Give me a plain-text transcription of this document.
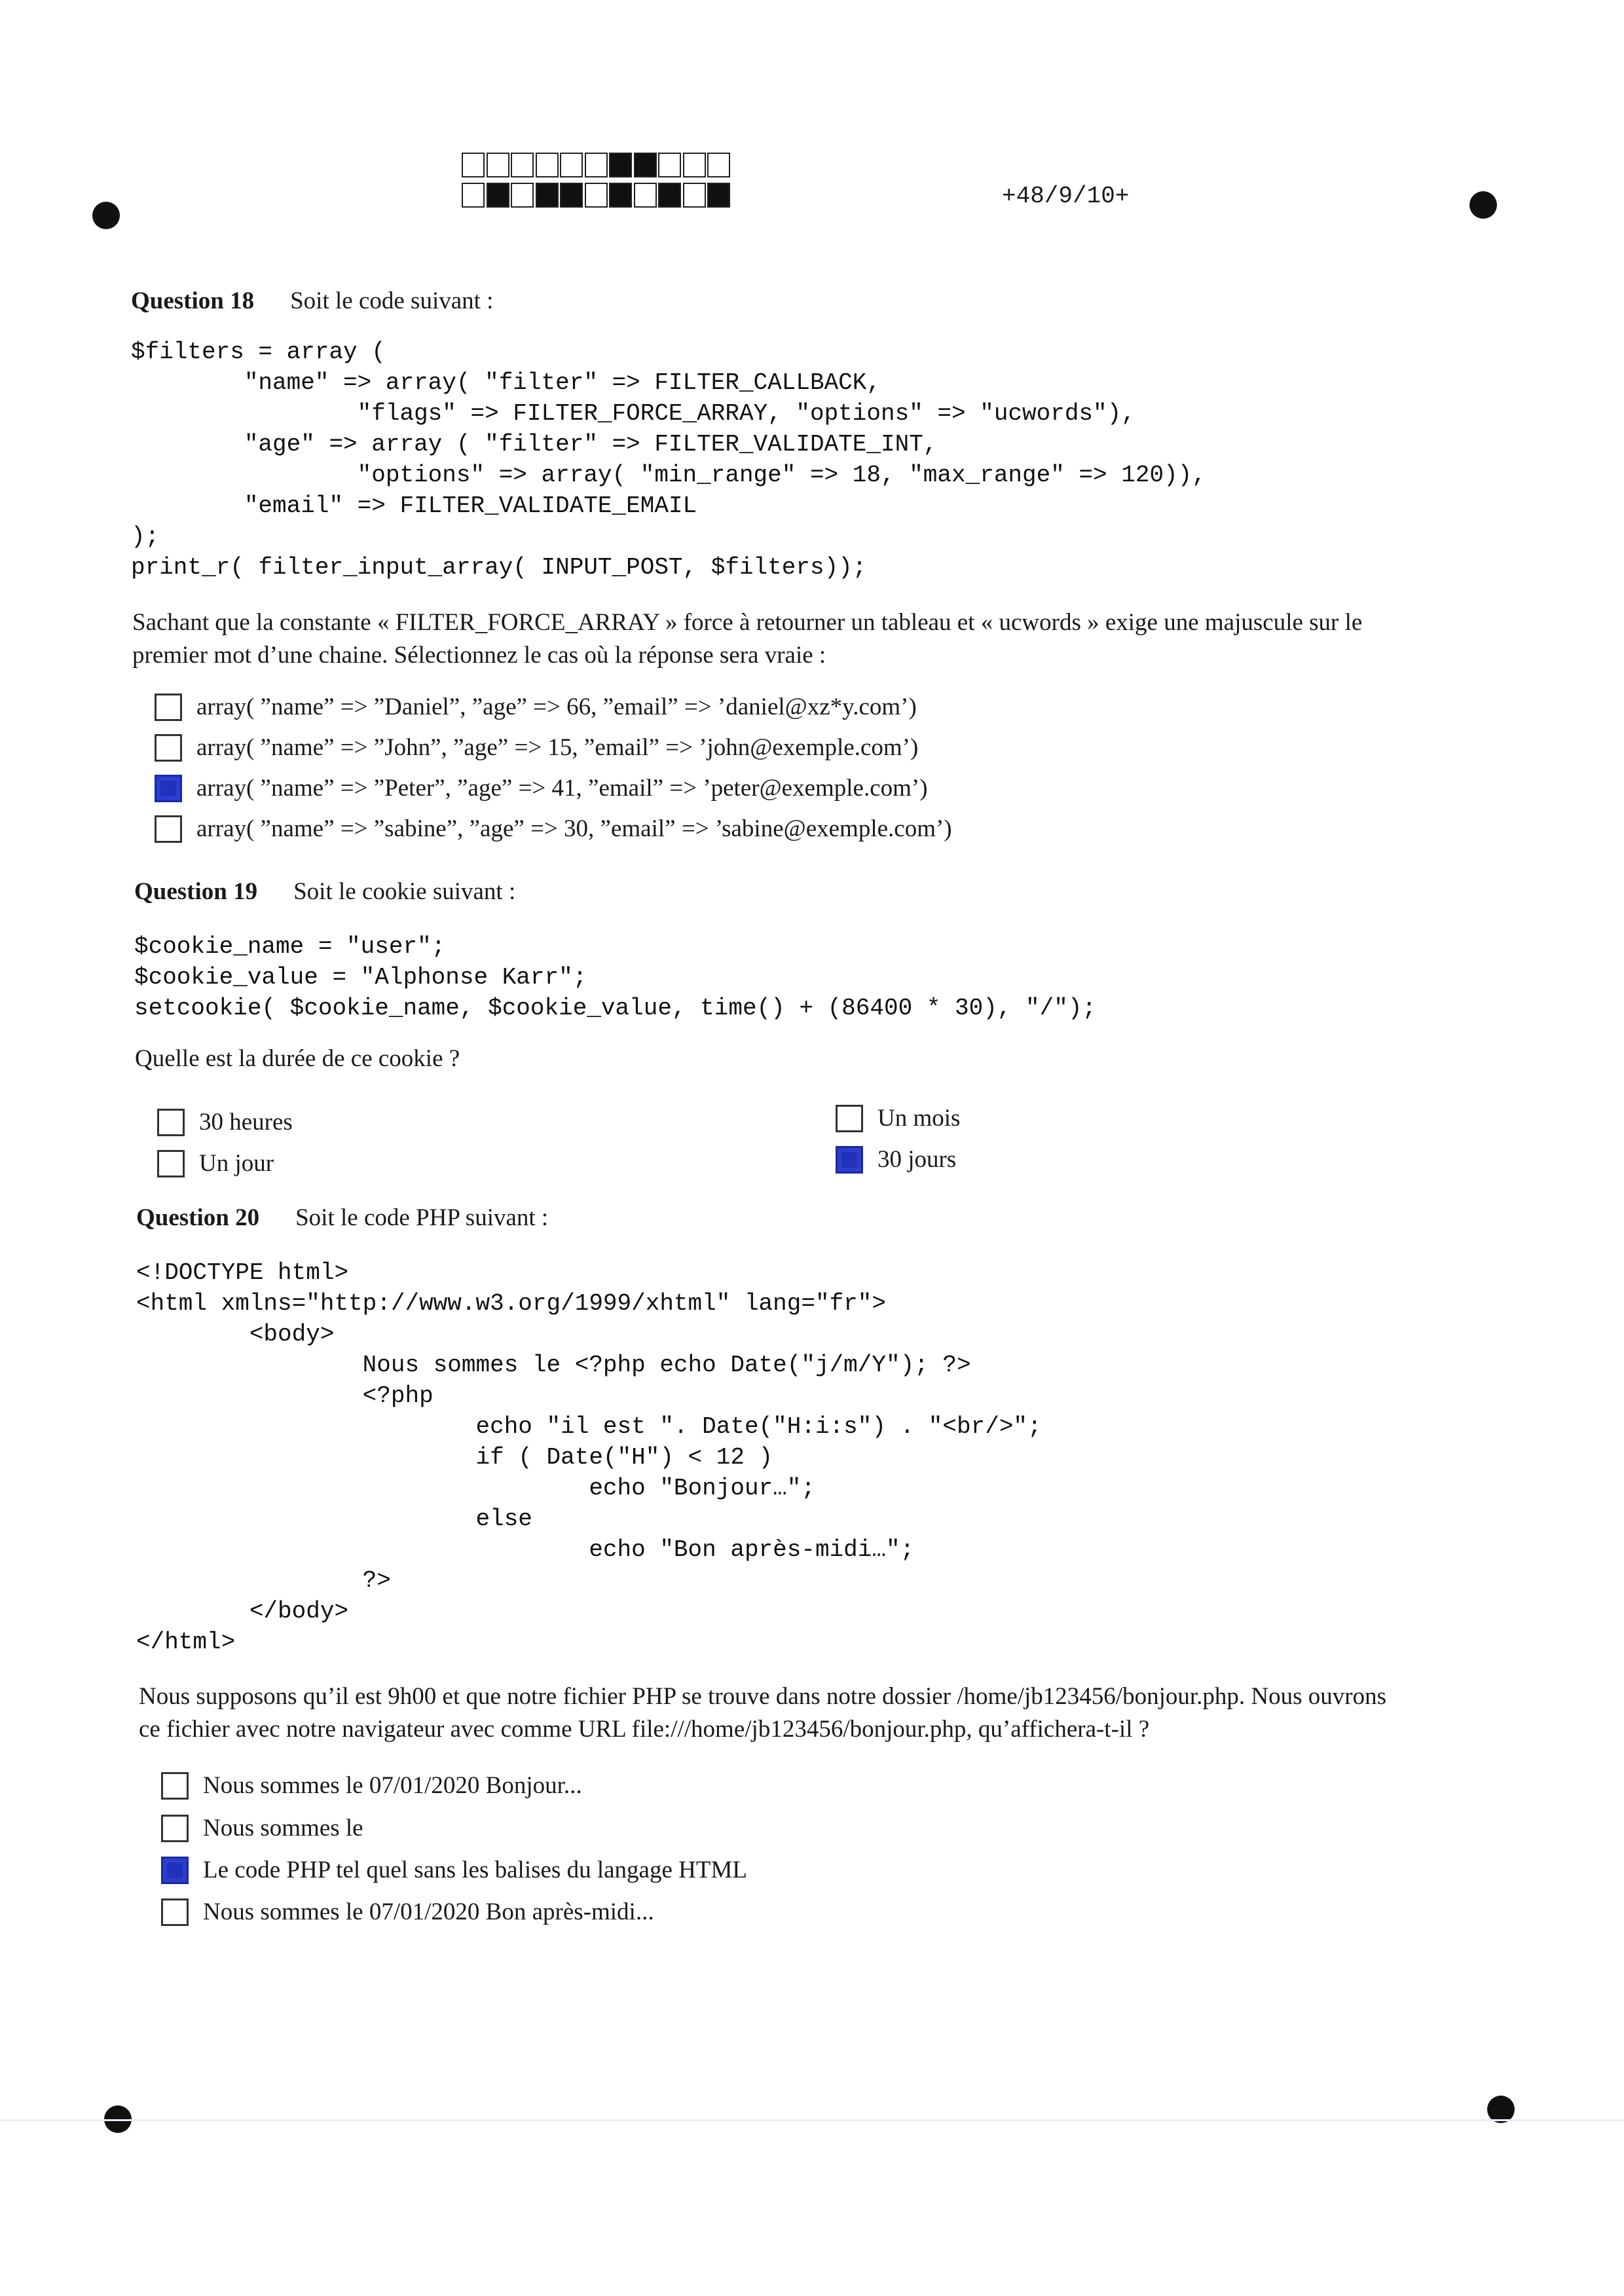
+48/9/10+
Question 18 Soit le code suivant :
$filters = array (
"name" => array( "filter" => FILTER_CALLBACK,
"flags" => FILTER_FORCE_ARRAY, "options" => "ucwords"),
"age" => array ( "filter" => FILTER_VALIDATE_INT,
"options" => array( "min_range" => 18, "max_range" => 120)),
"email" => FILTER_VALIDATE_EMAIL
);
print_r( filter_input_array( INPUT_POST, $filters));
Sachant que la constante « FILTER_FORCE_ARRAY » force à retourner un tableau et « ucwords » exige une majuscule sur le
premier mot d’une chaine. Sélectionnez le cas où la réponse sera vraie :
array( ”name” => ”Daniel”, ”age” => 66, ”email” => ’daniel@xz*y.com’)
array( ”name” => ”John”, ”age” => 15, ”email” => ’john@exemple.com’)
array( ”name” => ”Peter”, ”age” => 41, ”email” => ’peter@exemple.com’)
array( ”name” => ”sabine”, ”age” => 30, ”email” => ’sabine@exemple.com’)
Question 19 Soit le cookie suivant :
$cookie_name = "user";
$cookie_value = "Alphonse Karr";
setcookie( $cookie_name, $cookie_value, time() + (86400 * 30), "/");
Quelle est la durée de ce cookie ?
30 heures
Un jour
Un mois
30 jours
Question 20 Soit le code PHP suivant :
<!DOCTYPE html>
<html xmlns="http://www.w3.org/1999/xhtml" lang="fr">
<body>
Nous sommes le <?php echo Date("j/m/Y"); ?>
<?php
echo "il est ". Date("H:i:s") . "<br/>";
if ( Date("H") < 12 )
echo "Bonjour…";
else
echo "Bon après-midi…";
?>
</body>
</html>
Nous supposons qu’il est 9h00 et que notre fichier PHP se trouve dans notre dossier /home/jb123456/bonjour.php. Nous ouvrons
ce fichier avec notre navigateur avec comme URL file:///home/jb123456/bonjour.php, qu’affichera-t-il ?
Nous sommes le 07/01/2020 Bonjour...
Nous sommes le
Le code PHP tel quel sans les balises du langage HTML
Nous sommes le 07/01/2020 Bon après-midi...
